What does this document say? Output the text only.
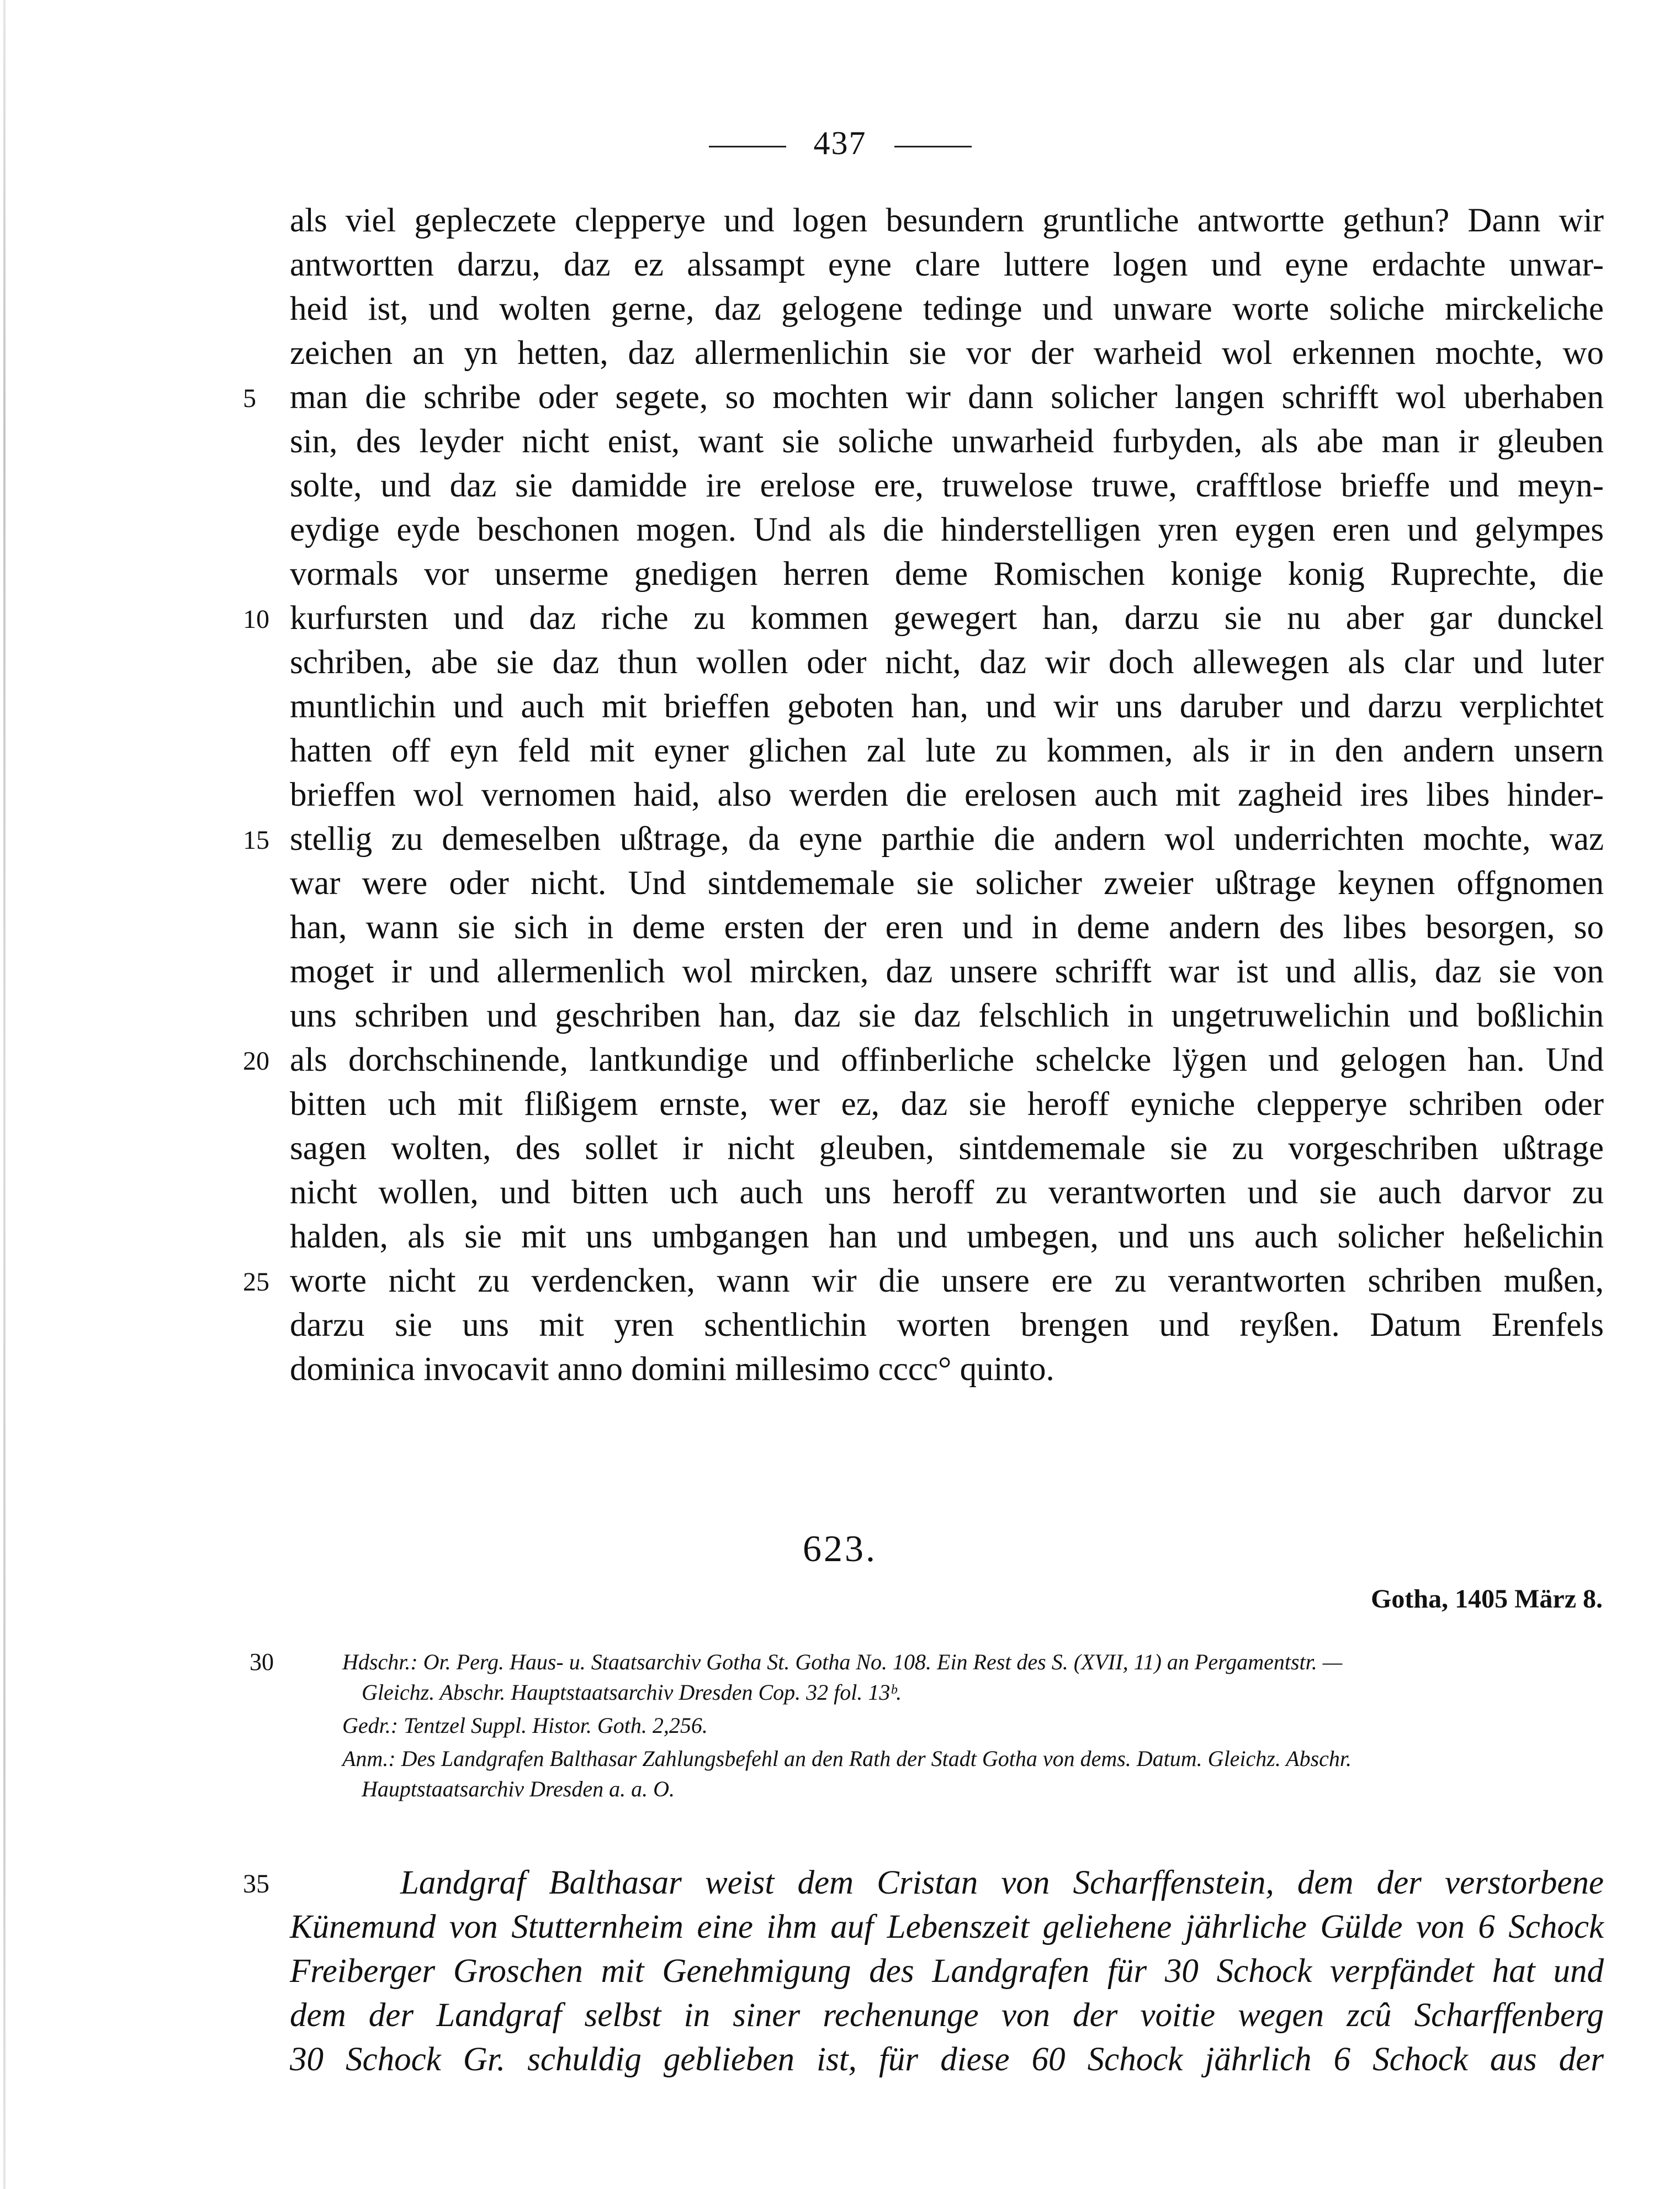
437
als viel gepleczete clepperye und logen besundern gruntliche antwortte gethun? Dann wir
antwortten darzu, daz ez alssampt eyne clare luttere logen und eyne erdachte unwar-
heid ist, und wolten gerne, daz gelogene tedinge und unware worte soliche mirckeliche
zeichen an yn hetten, daz allermenlichin sie vor der warheid wol erkennen mochte, wo
man die schribe oder segete, so mochten wir dann solicher langen schrifft wol uberhaben
sin, des leyder nicht enist, want sie soliche unwarheid furbyden, als abe man ir gleuben
solte, und daz sie damidde ire erelose ere, truwelose truwe, crafftlose brieffe und meyn-
eydige eyde beschonen mogen. Und als die hinderstelligen yren eygen eren und gelympes
vormals vor unserme gnedigen herren deme Romischen konige konig Ruprechte, die
kurfursten und daz riche zu kommen gewegert han, darzu sie nu aber gar dunckel
schriben, abe sie daz thun wollen oder nicht, daz wir doch allewegen als clar und luter
muntlichin und auch mit brieffen geboten han, und wir uns daruber und darzu verplichtet
hatten off eyn feld mit eyner glichen zal lute zu kommen, als ir in den andern unsern
brieffen wol vernomen haid, also werden die erelosen auch mit zagheid ires libes hinder-
stellig zu demeselben ußtrage, da eyne parthie die andern wol underrichten mochte, waz
war were oder nicht. Und sintdememale sie solicher zweier ußtrage keynen offgnomen
han, wann sie sich in deme ersten der eren und in deme andern des libes besorgen, so
moget ir und allermenlich wol mircken, daz unsere schrifft war ist und allis, daz sie von
uns schriben und geschriben han, daz sie daz felschlich in ungetruwelichin und boßlichin
als dorchschinende, lantkundige und offinberliche schelcke lÿgen und gelogen han. Und
bitten uch mit flißigem ernste, wer ez, daz sie heroff eyniche clepperye schriben oder
sagen wolten, des sollet ir nicht gleuben, sintdememale sie zu vorgeschriben ußtrage
nicht wollen, und bitten uch auch uns heroff zu verantworten und sie auch darvor zu
halden, als sie mit uns umbgangen han und umbegen, und uns auch solicher heßelichin
worte nicht zu verdencken, wann wir die unsere ere zu verantworten schriben mußen,
darzu sie uns mit yren schentlichin worten brengen und reyßen. Datum Erenfels
dominica invocavit anno domini millesimo cccc° quinto.
5
10
15
20
25
623.
Gotha, 1405 März 8.
30	Hdschr.: Or. Perg. Haus- u. Staatsarchiv Gotha St. Gotha No. 108. Ein Rest des S. (XVII, 11) an Pergamentstr. —
Gleichz. Abschr. Hauptstaatsarchiv Dresden Cop. 32 fol. 13ᵇ.
Gedr.: Tentzel Suppl. Histor. Goth. 2,256.
Anm.: Des Landgrafen Balthasar Zahlungsbefehl an den Rath der Stadt Gotha von dems. Datum. Gleichz. Abschr.
Hauptstaatsarchiv Dresden a. a. O.
35	Landgraf Balthasar weist dem Cristan von Scharffenstein, dem der verstorbene
Künemund von Stutternheim eine ihm auf Lebenszeit geliehene jährliche Gülde von 6 Schock
Freiberger Groschen mit Genehmigung des Landgrafen für 30 Schock verpfändet hat und
dem der Landgraf selbst in siner rechenunge von der voitie wegen zcû Scharffenberg
30 Schock Gr. schuldig geblieben ist, für diese 60 Schock jährlich 6 Schock aus der
